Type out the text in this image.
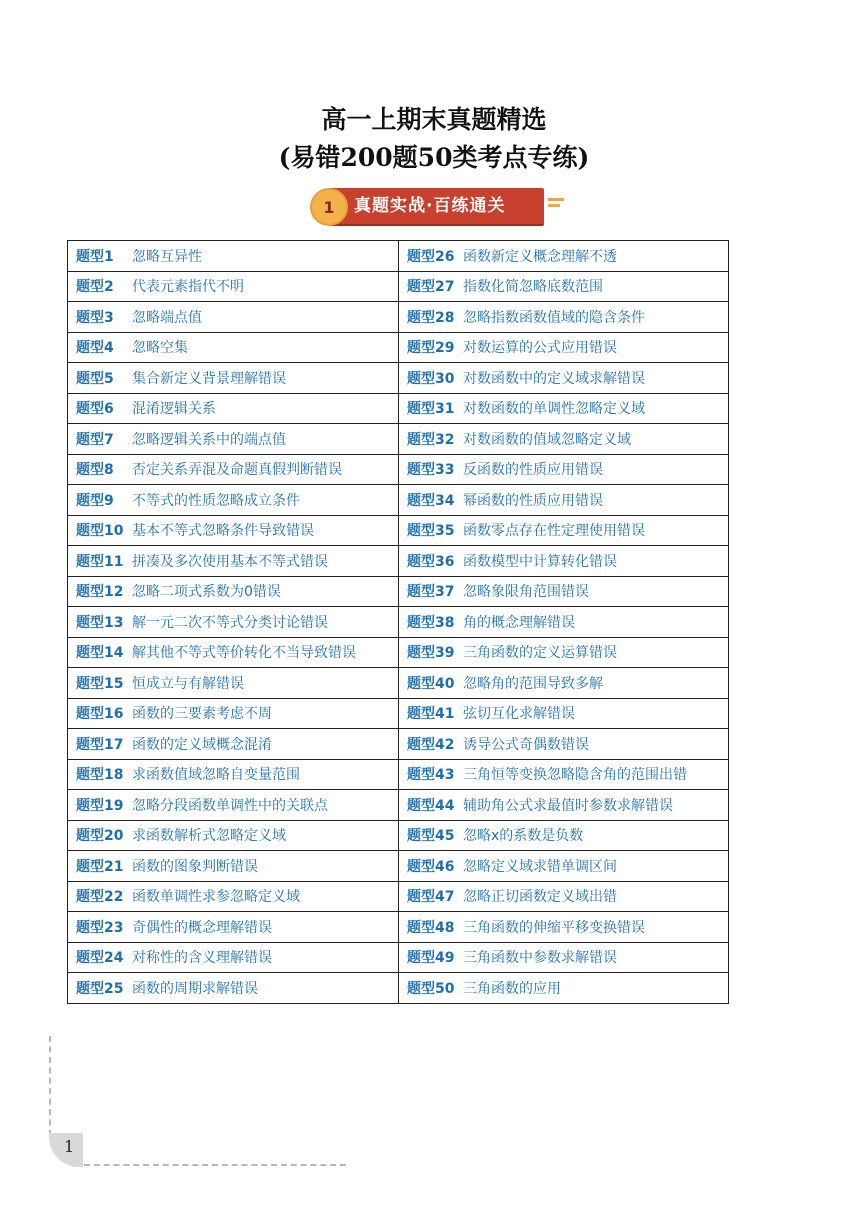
高一上期末真题精选
(易错200题50类考点专练)
1	真题实战·百练通关
题型1 忽略互异性	题型26 函数新定义概念理解不透
题型2 代表元素指代不明	题型27 指数化简忽略底数范围
题型3 忽略端点值	题型28 忽略指数函数值域的隐含条件
题型4 忽略空集	题型29 对数运算的公式应用错误
题型5 集合新定义背景理解错误	题型30 对数函数中的定义域求解错误
题型6 混淆逻辑关系	题型31 对数函数的单调性忽略定义域
题型7 忽略逻辑关系中的端点值	题型32 对数函数的值域忽略定义域
题型8 否定关系弄混及命题真假判断错误	题型33 反函数的性质应用错误
题型9 不等式的性质忽略成立条件	题型34 幂函数的性质应用错误
题型10 基本不等式忽略条件导致错误	题型35 函数零点存在性定理使用错误
题型11 拼凑及多次使用基本不等式错误	题型36 函数模型中计算转化错误
题型12 忽略二项式系数为0错误	题型37 忽略象限角范围错误
题型13 解一元二次不等式分类讨论错误	题型38 角的概念理解错误
题型14 解其他不等式等价转化不当导致错误	题型39 三角函数的定义运算错误
题型15 恒成立与有解错误	题型40 忽略角的范围导致多解
题型16 函数的三要素考虑不周	题型41 弦切互化求解错误
题型17 函数的定义域概念混淆	题型42 诱导公式奇偶数错误
题型18 求函数值域忽略自变量范围	题型43 三角恒等变换忽略隐含角的范围出错
题型19 忽略分段函数单调性中的关联点	题型44 辅助角公式求最值时参数求解错误
题型20 求函数解析式忽略定义域	题型45 忽略x的系数是负数
题型21 函数的图象判断错误	题型46 忽略定义域求错单调区间
题型22 函数单调性求参忽略定义域	题型47 忽略正切函数定义域出错
题型23 奇偶性的概念理解错误	题型48 三角函数的伸缩平移变换错误
题型24 对称性的含义理解错误	题型49 三角函数中参数求解错误
题型25 函数的周期求解错误	题型50 三角函数的应用
1
